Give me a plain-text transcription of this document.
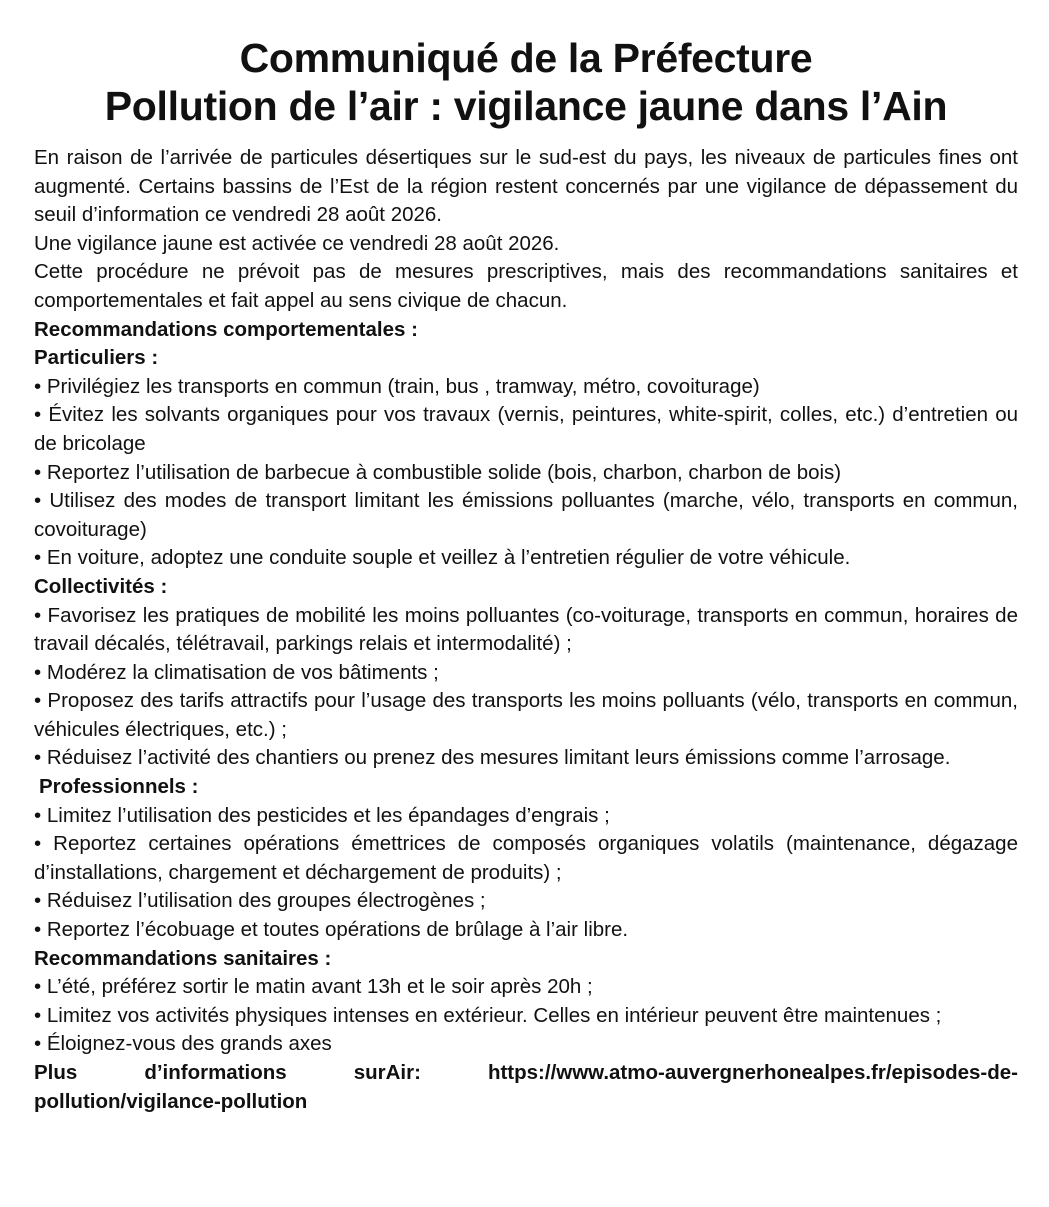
Communiqué de la Préfecture
Pollution de l’air : vigilance jaune dans l’Ain

En raison de l’arrivée de particules désertiques sur le sud-est du pays, les niveaux de particules fines ont augmenté. Certains bassins de l’Est de la région restent concernés par une vigilance de dépassement du seuil d’information ce vendredi 28 août 2026.

Une vigilance jaune est activée ce vendredi 28 août 2026.

Cette procédure ne prévoit pas de mesures prescriptives, mais des recommandations sanitaires et comportementales et fait appel au sens civique de chacun.

Recommandations comportementales :
Particuliers :
• Privilégiez les transports en commun (train, bus , tramway, métro, covoiturage)
• Évitez les solvants organiques pour vos travaux (vernis, peintures, white-spirit, colles, etc.) d’entretien ou de bricolage
• Reportez l’utilisation de barbecue à combustible solide (bois, charbon, charbon de bois)
• Utilisez des modes de transport limitant les émissions polluantes (marche, vélo, transports en commun, covoiturage)
• En voiture, adoptez une conduite souple et veillez à l’entretien régulier de votre véhicule.
Collectivités :
• Favorisez les pratiques de mobilité les moins polluantes (co-voiturage, transports en commun, horaires de travail décalés, télétravail, parkings relais et intermodalité) ;
• Modérez la climatisation de vos bâtiments ;
• Proposez des tarifs attractifs pour l’usage des transports les moins polluants (vélo, transports en commun, véhicules électriques, etc.) ;
• Réduisez l’activité des chantiers ou prenez des mesures limitant leurs émissions comme l’arrosage.
Professionnels :
• Limitez l’utilisation des pesticides et les épandages d’engrais ;
• Reportez certaines opérations émettrices de composés organiques volatils (maintenance, dégazage d’installations, chargement et déchargement de produits) ;
• Réduisez l’utilisation des groupes électrogènes ;
• Reportez l’écobuage et toutes opérations de brûlage à l’air libre.
Recommandations sanitaires :
• L’été, préférez sortir le matin avant 13h et le soir après 20h ;
• Limitez vos activités physiques intenses en extérieur. Celles en intérieur peuvent être maintenues ;
• Éloignez-vous des grands axes
Plus d’informations surAir: https://www.atmo-auvergnerhonealpes.fr/episodes-de-pollution/vigilance-pollution
